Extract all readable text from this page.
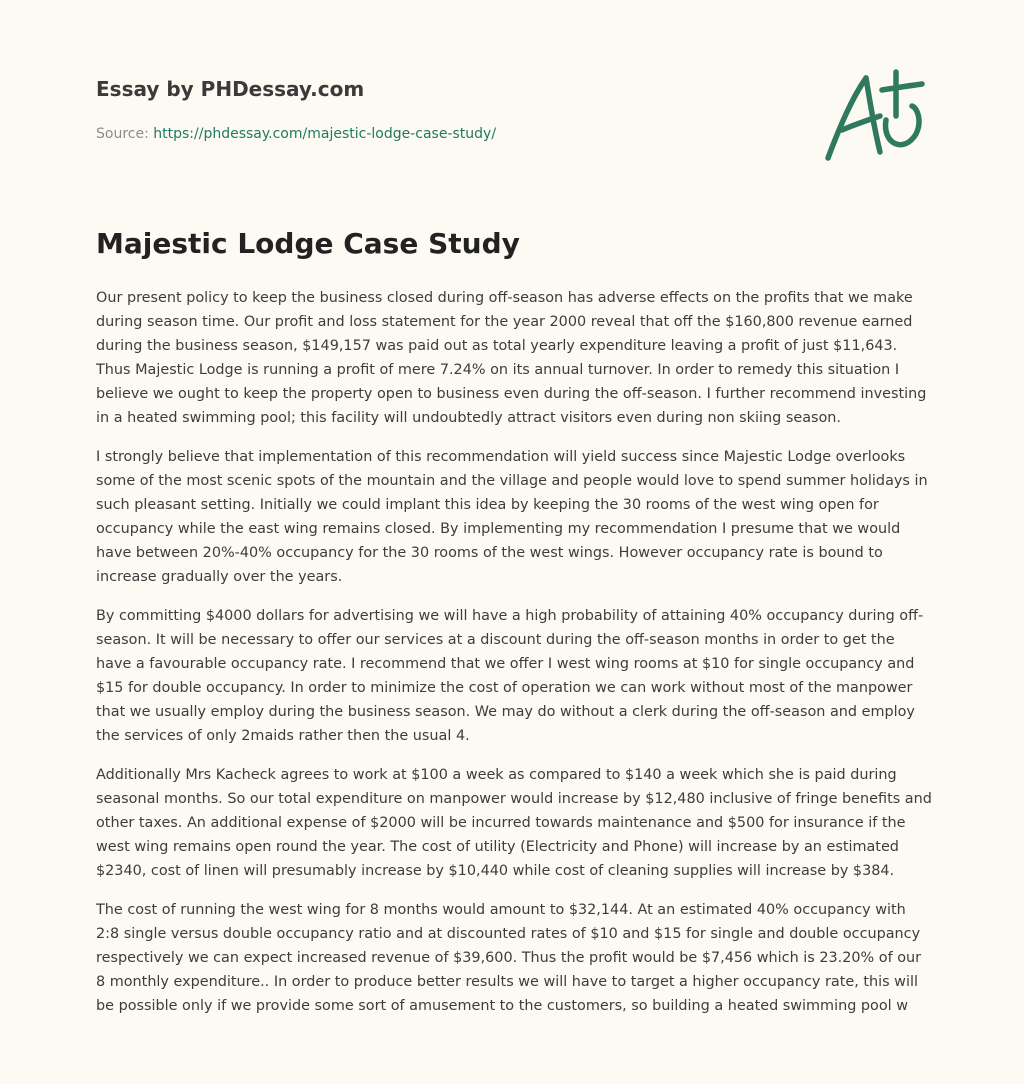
Essay by PHDessay.com
Source: https://phdessay.com/majestic-lodge-case-study/
Majestic Lodge Case Study

Our present policy to keep the business closed during off-season has adverse effects on the profits that we make during season time. Our profit and loss statement for the year 2000 reveal that off the $160,800 revenue earned during the business season, $149,157 was paid out as total yearly expenditure leaving a profit of just $11,643. Thus Majestic Lodge is running a profit of mere 7.24% on its annual turnover. In order to remedy this situation I believe we ought to keep the property open to business even during the off-season. I further recommend investing in a heated swimming pool; this facility will undoubtedly attract visitors even during non skiing season.

I strongly believe that implementation of this recommendation will yield success since Majestic Lodge overlooks some of the most scenic spots of the mountain and the village and people would love to spend summer holidays in such pleasant setting. Initially we could implant this idea by keeping the 30 rooms of the west wing open for occupancy while the east wing remains closed. By implementing my recommendation I presume that we would have between 20%-40% occupancy for the 30 rooms of the west wings. However occupancy rate is bound to increase gradually over the years.

By committing $4000 dollars for advertising we will have a high probability of attaining 40% occupancy during off-season. It will be necessary to offer our services at a discount during the off-season months in order to get the have a favourable occupancy rate. I recommend that we offer I west wing rooms at $10 for single occupancy and $15 for double occupancy. In order to minimize the cost of operation we can work without most of the manpower that we usually employ during the business season. We may do without a clerk during the off-season and employ the services of only 2maids rather then the usual 4.

Additionally Mrs Kacheck agrees to work at $100 a week as compared to $140 a week which she is paid during seasonal months. So our total expenditure on manpower would increase by $12,480 inclusive of fringe benefits and other taxes. An additional expense of $2000 will be incurred towards maintenance and $500 for insurance if the west wing remains open round the year. The cost of utility (Electricity and Phone) will increase by an estimated $2340, cost of linen will presumably increase by $10,440 while cost of cleaning supplies will increase by $384.

The cost of running the west wing for 8 months would amount to $32,144. At an estimated 40% occupancy with 2:8 single versus double occupancy ratio and at discounted rates of $10 and $15 for single and double occupancy respectively we can expect increased revenue of $39,600. Thus the profit would be $7,456 which is 23.20% of our 8 monthly expenditure.. In order to produce better results we will have to target a higher occupancy rate, this will be possible only if we provide some sort of amusement to the customers, so building a heated swimming pool w
